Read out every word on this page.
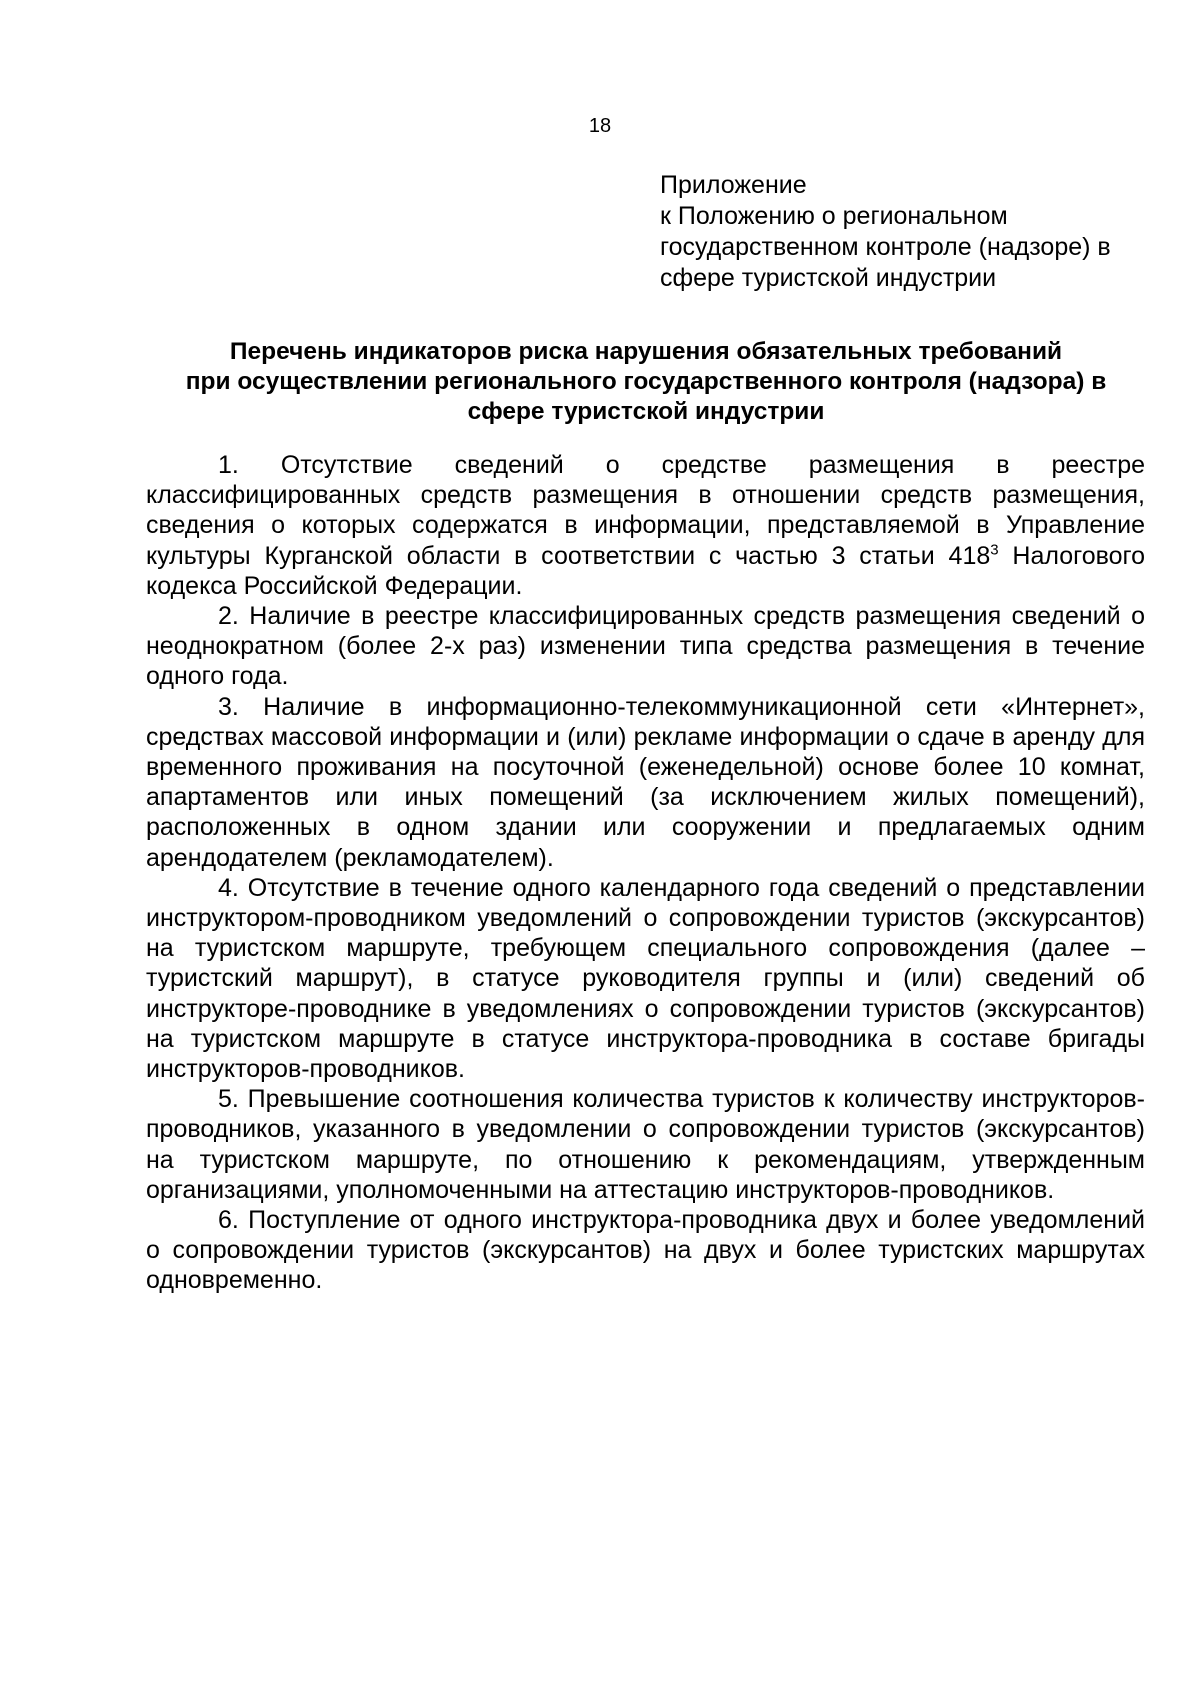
18
Приложение
к Положению о региональном
государственном контроле (надзоре) в
сфере туристской индустрии
Перечень индикаторов риска нарушения обязательных требований
при осуществлении регионального государственного контроля (надзора) в
сфере туристской индустрии

1. Отсутствие сведений о средстве размещения в реестре классифицированных средств размещения в отношении средств размещения, сведения о которых содержатся в информации, представляемой в Управление культуры Курганской области в соответствии с частью 3 статьи $418^3$ Налогового кодекса Российской Федерации.

2. Наличие в реестре классифицированных средств размещения сведений о неоднократном (более 2-х раз) изменении типа средства размещения в течение одного года.

3. Наличие в информационно-телекоммуникационной сети «Интернет», средствах массовой информации и (или) рекламе информации о сдаче в аренду для временного проживания на посуточной (еженедельной) основе более 10 комнат, апартаментов или иных помещений (за исключением жилых помещений), расположенных в одном здании или сооружении и предлагаемых одним арендодателем (рекламодателем).

4. Отсутствие в течение одного календарного года сведений о представлении инструктором-проводником уведомлений о сопровождении туристов (экскурсантов) на туристском маршруте, требующем специального сопровождения (далее – туристский маршрут), в статусе руководителя группы и (или) сведений об инструкторе-проводнике в уведомлениях о сопровождении туристов (экскурсантов) на туристском маршруте в статусе инструктора-проводника в составе бригады инструкторов-проводников.

5. Превышение соотношения количества туристов к количеству инструкторов-проводников, указанного в уведомлении о сопровождении туристов (экскурсантов) на туристском маршруте, по отношению к рекомендациям, утвержденным организациями, уполномоченными на аттестацию инструкторов-проводников.

6. Поступление от одного инструктора-проводника двух и более уведомлений о сопровождении туристов (экскурсантов) на двух и более туристских маршрутах одновременно.
